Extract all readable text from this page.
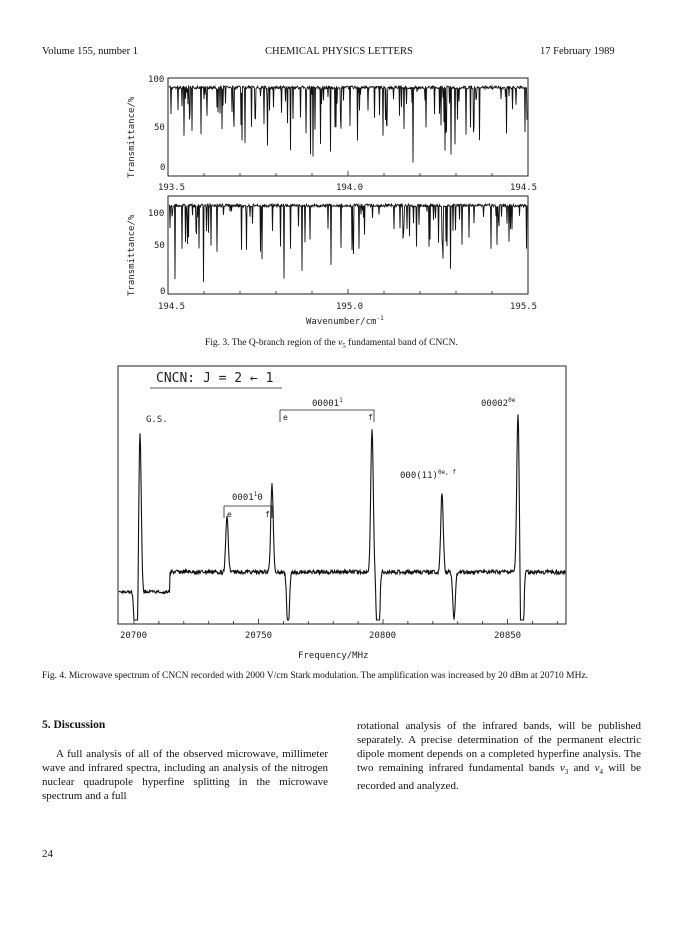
Volume 155, number 1	CHEMICAL PHYSICS LETTERS	17 February 1989
Transmittance/%
Transmittance/%
100
50
0
193.5	194.0	194.5
100
50
0
194.5	195.0	195.5
Wavenumber/$cm^{-1}$
Fig. 3. The Q-branch region of the $\nu_5$ fundamental band of CNCN.
CNCN: J = 2 ← 1
G.S.
00001$^1$
e	f
$00002^{0e}$
0001$^1$0
e	f
$000(11)^{0e, f}$
20700	20750	20800	20850
Frequency/MHz
Fig. 4. Microwave spectrum of CNCN recorded with 2000 V/cm Stark modulation. The amplification was increased by 20 dBm at 20710 MHz.
5. Discussion
A full analysis of all of the observed microwave, millimeter wave and infrared spectra, including an analysis of the nitrogen nuclear quadrupole hyperfine splitting in the microwave spectrum and a full
rotational analysis of the infrared bands, will be published separately. A precise determination of the permanent electric dipole moment depends on a completed hyperfine analysis. The two remaining infrared fundamental bands $\nu_3$ and $\nu_4$ will be recorded and analyzed.
24
